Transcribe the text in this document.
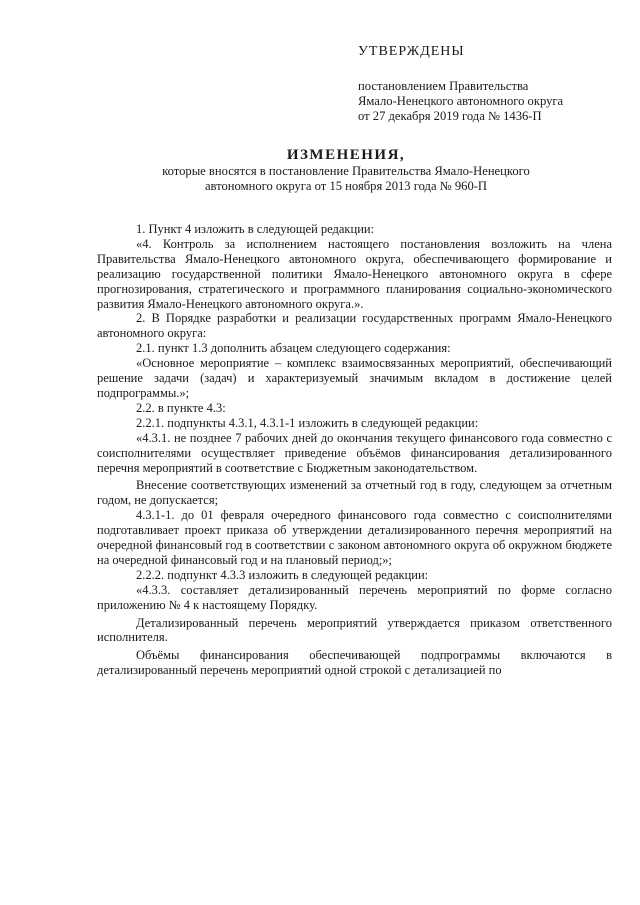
УТВЕРЖДЕНЫ
постановлением Правительства
Ямало-Ненецкого автономного округа
от 27 декабря 2019 года № 1436-П
ИЗМЕНЕНИЯ,
которые вносятся в постановление Правительства Ямало-Ненецкого
автономного округа от 15 ноября 2013 года № 960-П

1. Пункт 4 изложить в следующей редакции:

«4. Контроль за исполнением настоящего постановления возложить на члена Правительства Ямало-Ненецкого автономного округа, обеспечивающего формирование и реализацию государственной политики Ямало-Ненецкого автономного округа в сфере прогнозирования, стратегического и программного планирования социально-экономического развития Ямало-Ненецкого автономного округа.».

2. В Порядке разработки и реализации государственных программ Ямало-Ненецкого автономного округа:

2.1. пункт 1.3 дополнить абзацем следующего содержания:

«Основное мероприятие – комплекс взаимосвязанных мероприятий, обеспечивающий решение задачи (задач) и характеризуемый значимым вкладом в достижение целей подпрограммы.»;

2.2. в пункте 4.3:

2.2.1. подпункты 4.3.1, 4.3.1-1 изложить в следующей редакции:

«4.3.1. не позднее 7 рабочих дней до окончания текущего финансового года совместно с соисполнителями осуществляет приведение объёмов финансирования детализированного перечня мероприятий в соответствие с Бюджетным законодательством.

Внесение соответствующих изменений за отчетный год в году, следующем за отчетным годом, не допускается;

4.3.1-1. до 01 февраля очередного финансового года совместно с соисполнителями подготавливает проект приказа об утверждении детализированного перечня мероприятий на очередной финансовый год в соответствии с законом автономного округа об окружном бюджете на очередной финансовый год и на плановый период;»;

2.2.2. подпункт 4.3.3 изложить в следующей редакции:

«4.3.3. составляет детализированный перечень мероприятий по форме согласно приложению № 4 к настоящему Порядку.

Детализированный перечень мероприятий утверждается приказом ответственного исполнителя.

Объёмы финансирования обеспечивающей подпрограммы включаются в детализированный перечень мероприятий одной строкой с детализацией по
